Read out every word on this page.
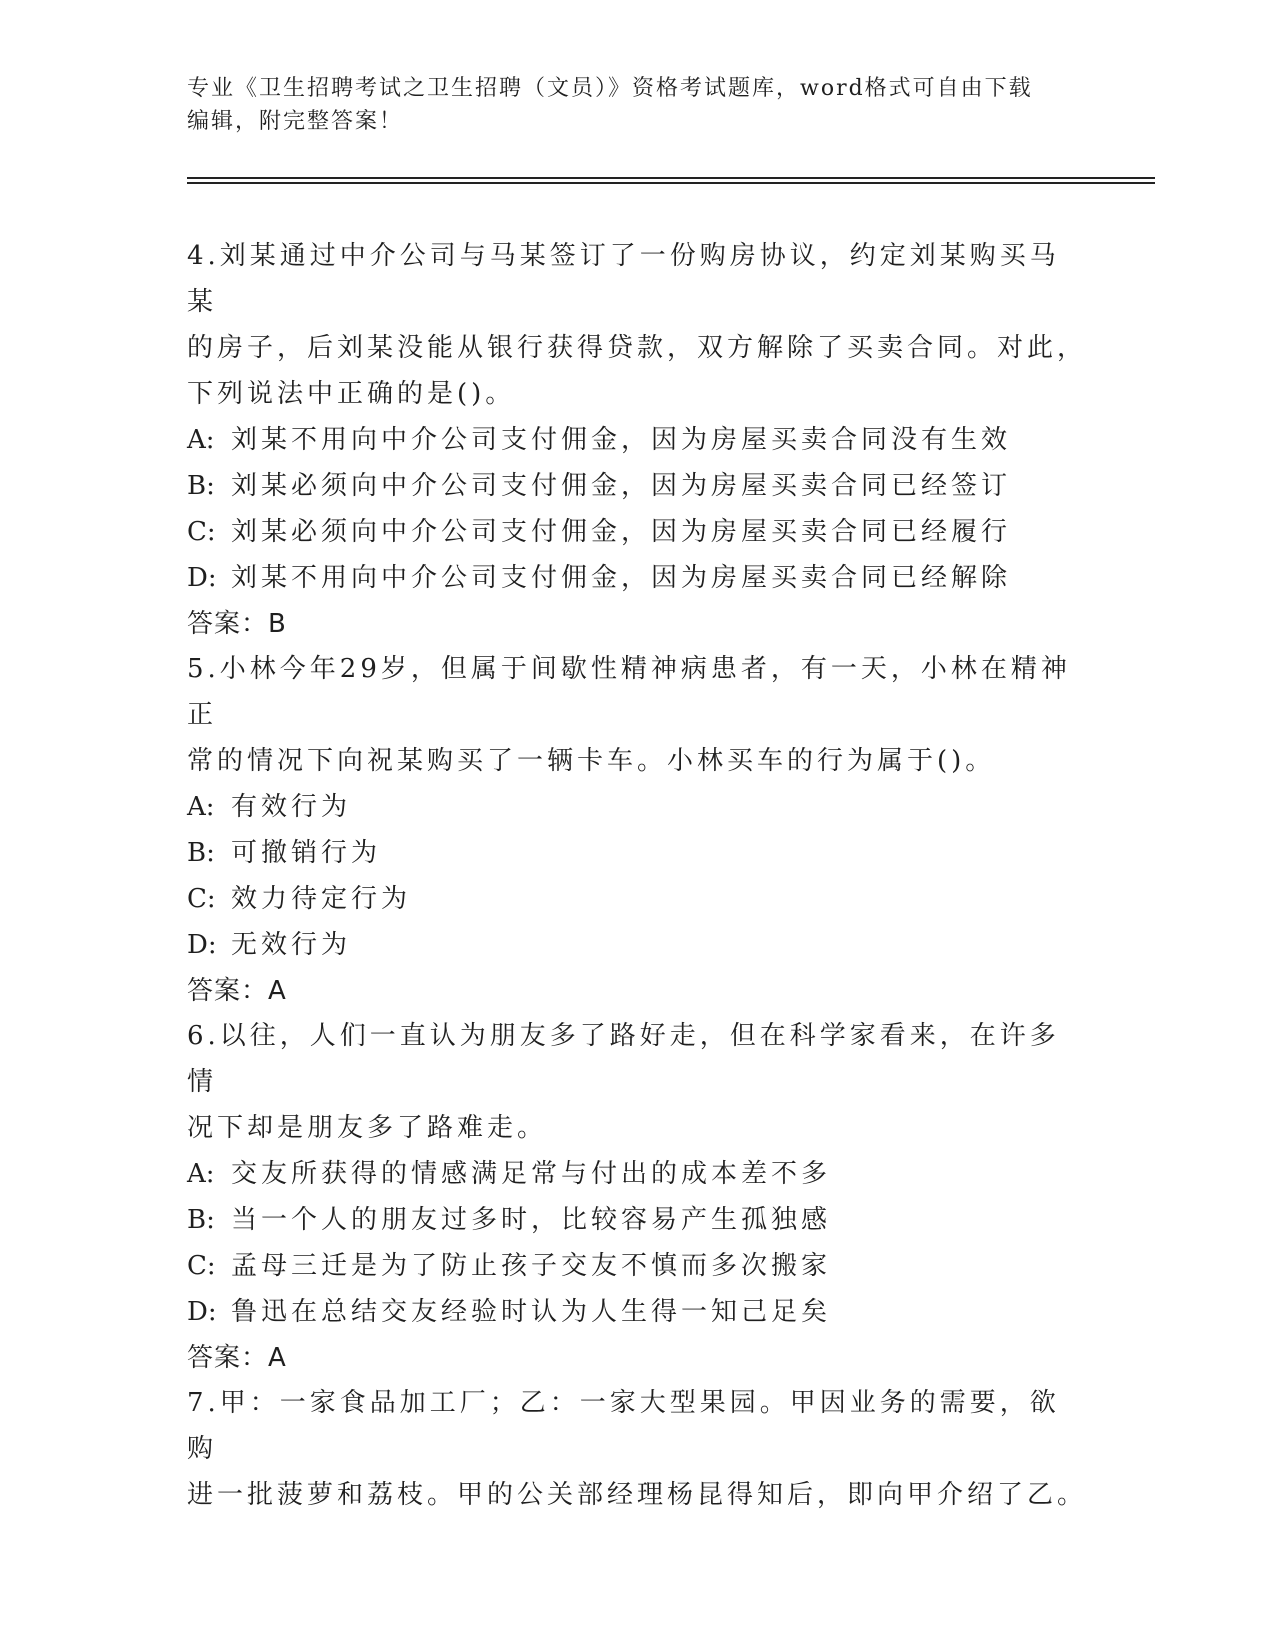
专业《卫生招聘考试之卫生招聘（文员）》资格考试题库，word格式可自由下载
编辑，附完整答案！
4.刘某通过中介公司与马某签订了一份购房协议，约定刘某购买马某
的房子，后刘某没能从银行获得贷款，双方解除了买卖合同。对此，
下列说法中正确的是()。
A: 刘某不用向中介公司支付佣金，因为房屋买卖合同没有生效
B: 刘某必须向中介公司支付佣金，因为房屋买卖合同已经签订
C: 刘某必须向中介公司支付佣金，因为房屋买卖合同已经履行
D: 刘某不用向中介公司支付佣金，因为房屋买卖合同已经解除
答案：B
5.小林今年29岁，但属于间歇性精神病患者，有一天，小林在精神正
常的情况下向祝某购买了一辆卡车。小林买车的行为属于()。
A: 有效行为
B: 可撤销行为
C: 效力待定行为
D: 无效行为
答案：A
6.以往，人们一直认为朋友多了路好走，但在科学家看来，在许多情
况下却是朋友多了路难走。
A: 交友所获得的情感满足常与付出的成本差不多
B: 当一个人的朋友过多时，比较容易产生孤独感
C: 孟母三迁是为了防止孩子交友不慎而多次搬家
D: 鲁迅在总结交友经验时认为人生得一知己足矣
答案：A
7.甲：一家食品加工厂；乙：一家大型果园。甲因业务的需要，欲购
进一批菠萝和荔枝。甲的公关部经理杨昆得知后，即向甲介绍了乙。
